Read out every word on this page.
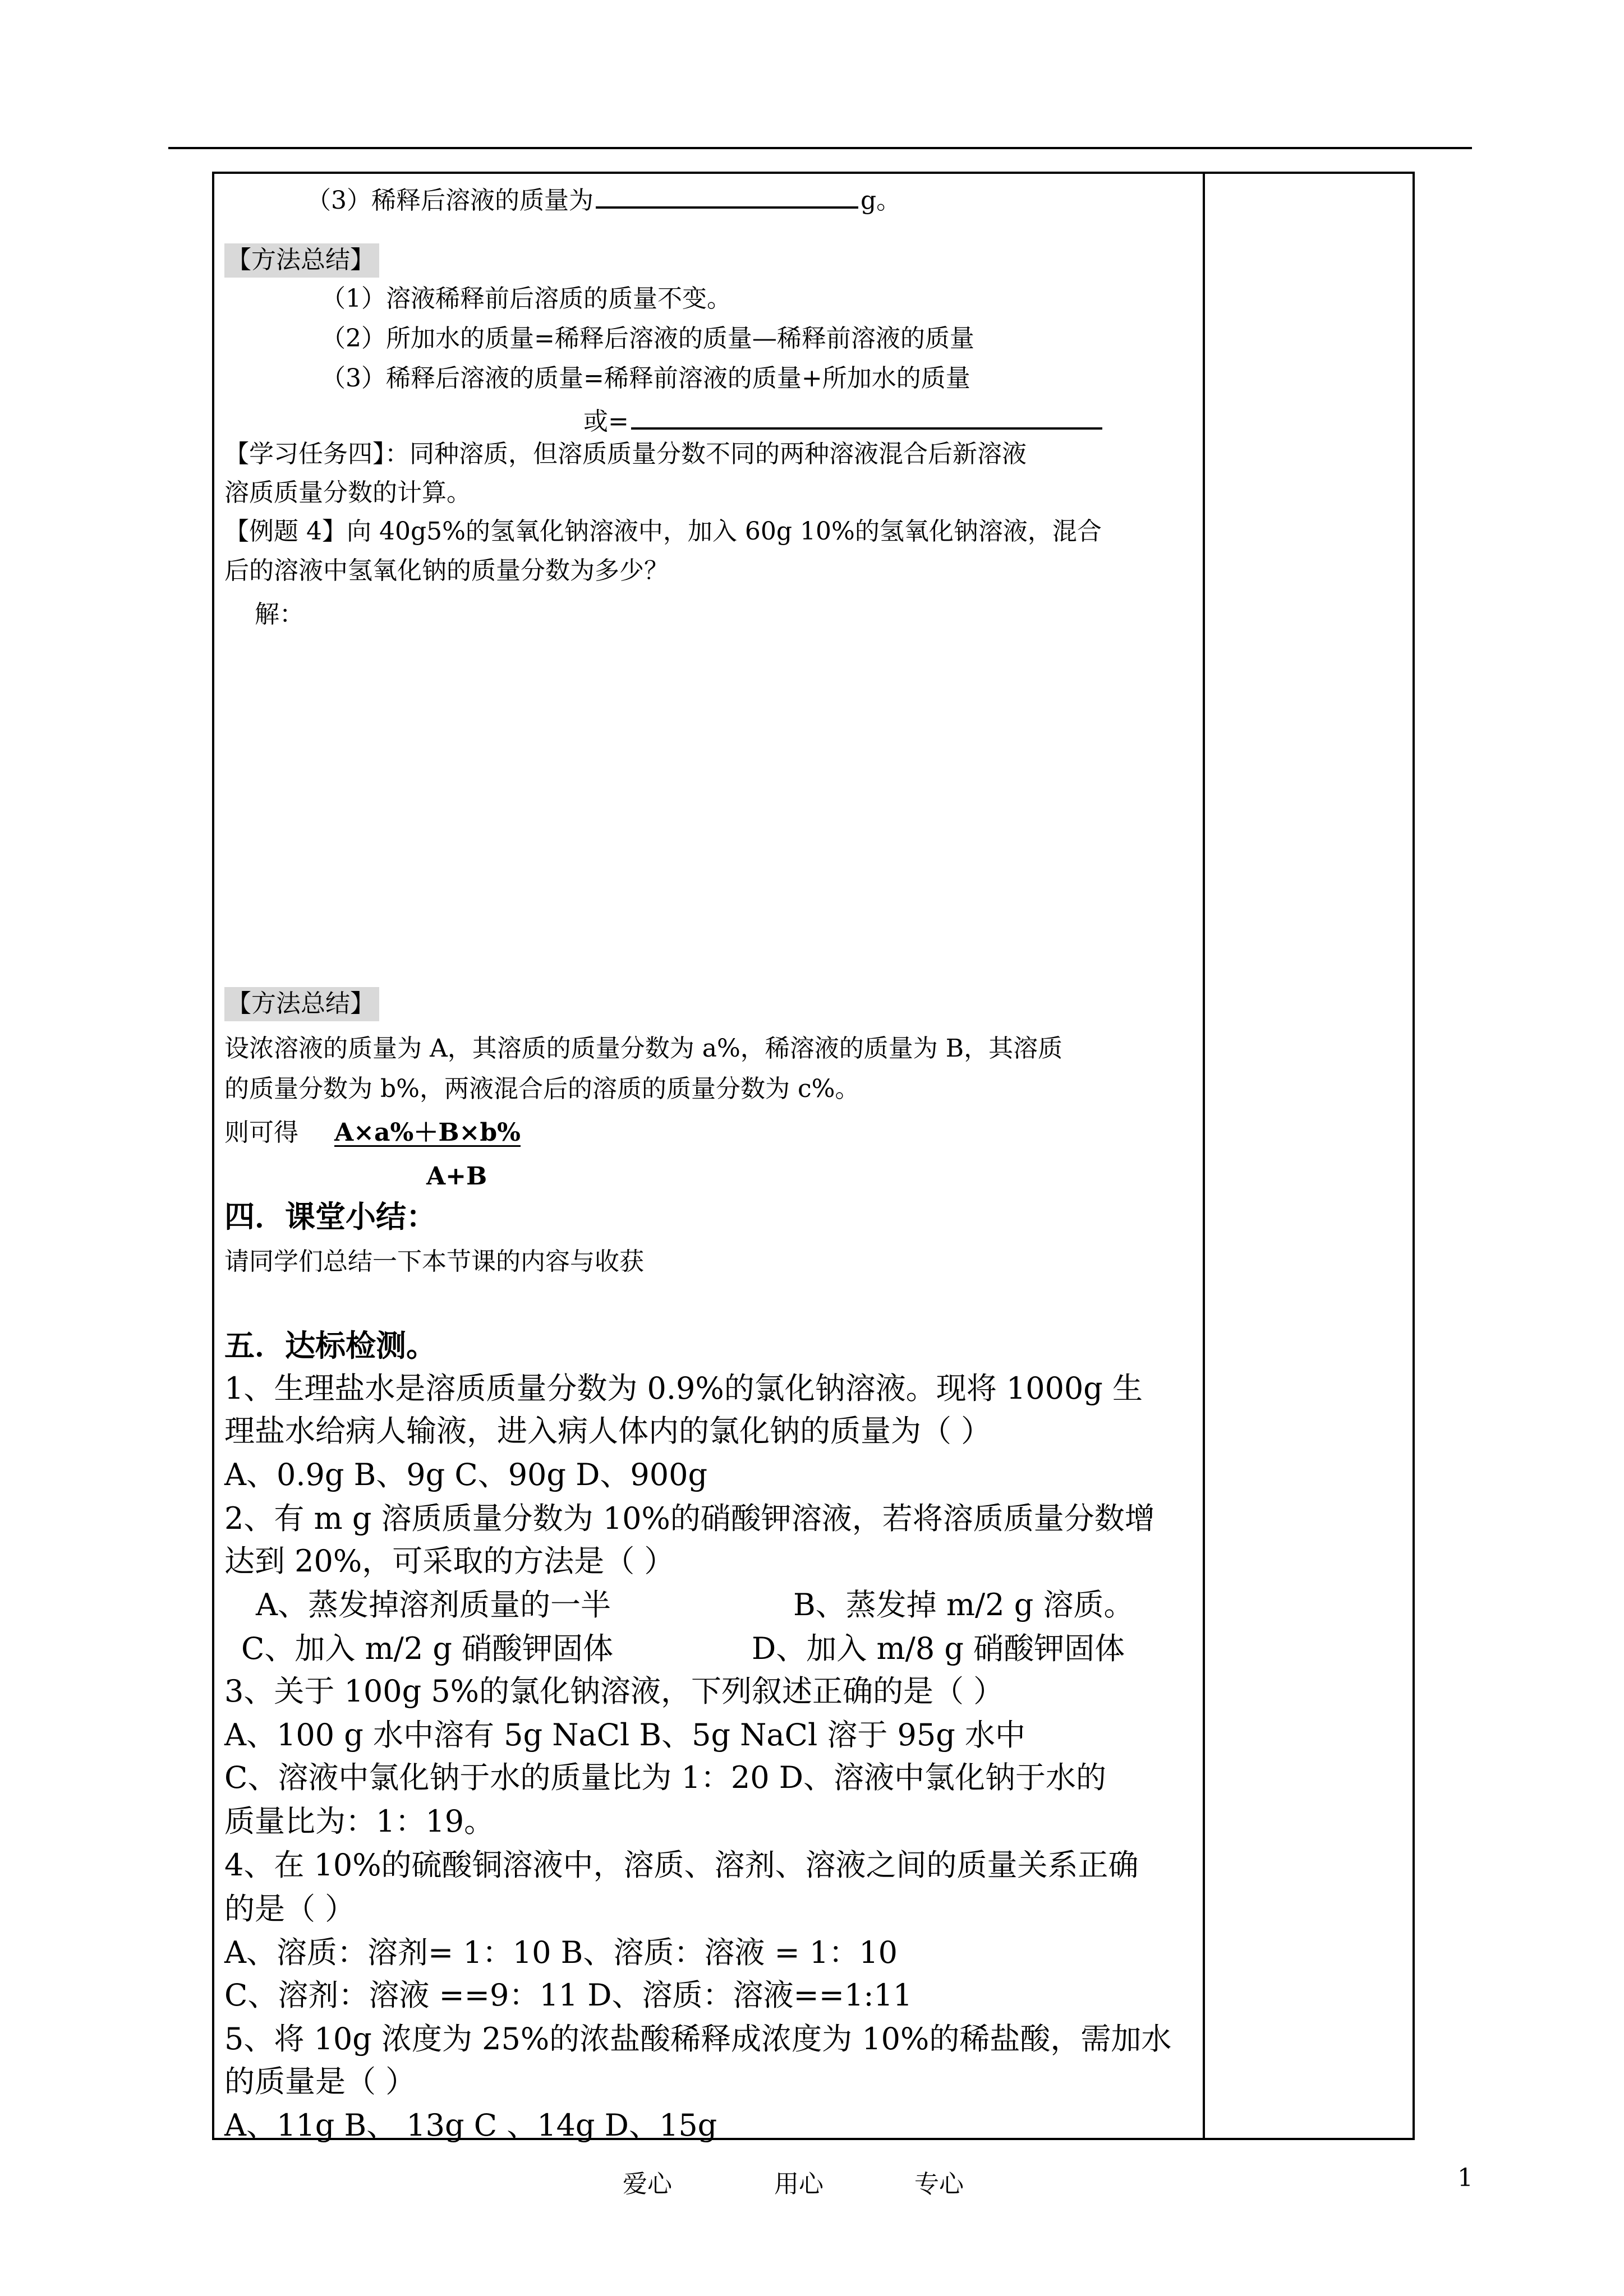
（3）稀释后溶液的质量为	g。
【方法总结】
（1）溶液稀释前后溶质的质量不变。
（2）所加水的质量=稀释后溶液的质量—稀释前溶液的质量
（3）稀释后溶液的质量=稀释前溶液的质量+所加水的质量
或=
【学习任务四】：同种溶质，但溶质质量分数不同的两种溶液混合后新溶液
溶质质量分数的计算。
【例题 4】向 40g5%的氢氧化钠溶液中，加入 60g 10%的氢氧化钠溶液，混合
后的溶液中氢氧化钠的质量分数为多少？
解：
【方法总结】
设浓溶液的质量为 A，其溶质的质量分数为 a%，稀溶液的质量为 B，其溶质
的质量分数为 b%，两液混合后的溶质的质量分数为 c%。
则可得 A×a%＋B×b%
A+B
四．课堂小结：
请同学们总结一下本节课的内容与收获
五．达标检测。
1、生理盐水是溶质质量分数为 0.9%的氯化钠溶液。现将 1000g 生
理盐水给病人输液，进入病人体内的氯化钠的质量为（ ）
A、0.9g B、9g C、90g D、900g
2、有 m g 溶质质量分数为 10%的硝酸钾溶液，若将溶质质量分数增
达到 20%，可采取的方法是（ ）
A、蒸发掉溶剂质量的一半	B、蒸发掉 m/2 g 溶质。
C、加入 m/2 g 硝酸钾固体	D、加入 m/8 g 硝酸钾固体
3、关于 100g 5%的氯化钠溶液，下列叙述正确的是（ ）
A、100 g 水中溶有 5g NaCl B、5g NaCl 溶于 95g 水中
C、溶液中氯化钠于水的质量比为 1：20 D、溶液中氯化钠于水的
质量比为：1：19。
4、在 10%的硫酸铜溶液中，溶质、溶剂、溶液之间的质量关系正确
的是（ ）
A、溶质：溶剂= 1：10 B、溶质：溶液 = 1：10
C、溶剂：溶液 ==9：11 D、溶质：溶液==1:11
5、将 10g 浓度为 25%的浓盐酸稀释成浓度为 10%的稀盐酸，需加水
的质量是（ ）
A、11g B、 13g C 、14g D、15g
爱心	用心	专心	1
